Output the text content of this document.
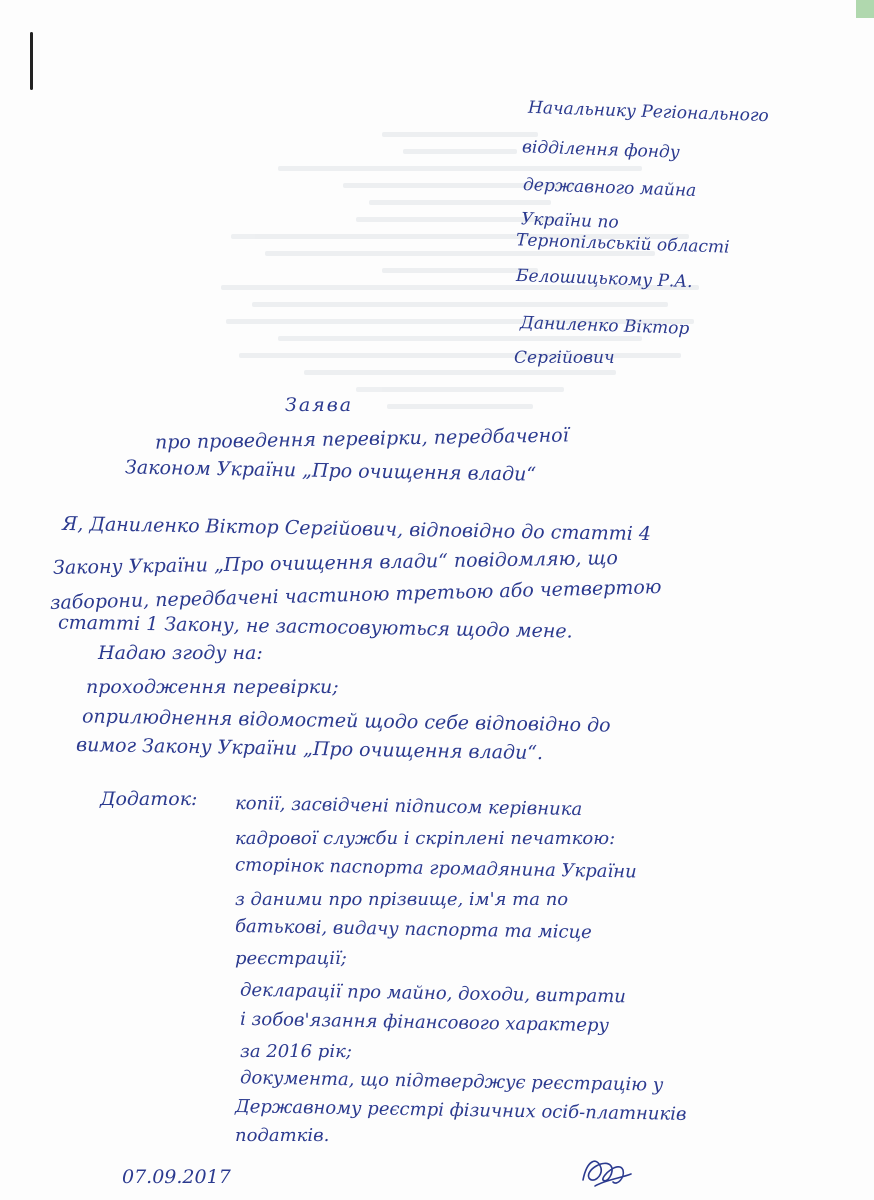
Начальнику Регіонального

відділення фонду

державного майна

України по

Тернопільській області

Белошицькому Р.А.

Даниленко Віктор

Сергійович

Заява

про проведення перевірки, передбаченої

Законом України „Про очищення влади“

Я, Даниленко Віктор Сергійович, відповідно до статті 4

Закону України „Про очищення влади“ повідомляю, що

заборони, передбачені частиною третьою або четвертою

статті 1 Закону, не застосовуються щодо мене.

Надаю згоду на:

проходження перевірки;

оприлюднення відомостей щодо себе відповідно до

вимог Закону України „Про очищення влади“.

Додаток: копії, засвідчені підписом керівника

кадрової служби і скріплені печаткою:

сторінок паспорта громадянина України

з даними про прізвище, ім'я та по

батькові, видачу паспорта та місце

реєстрації;

декларації про майно, доходи, витрати

і зобов'язання фінансового характеру

за 2016 рік;

документа, що підтверджує реєстрацію у

Державному реєстрі фізичних осіб-платників

податків.

07.09.2017
